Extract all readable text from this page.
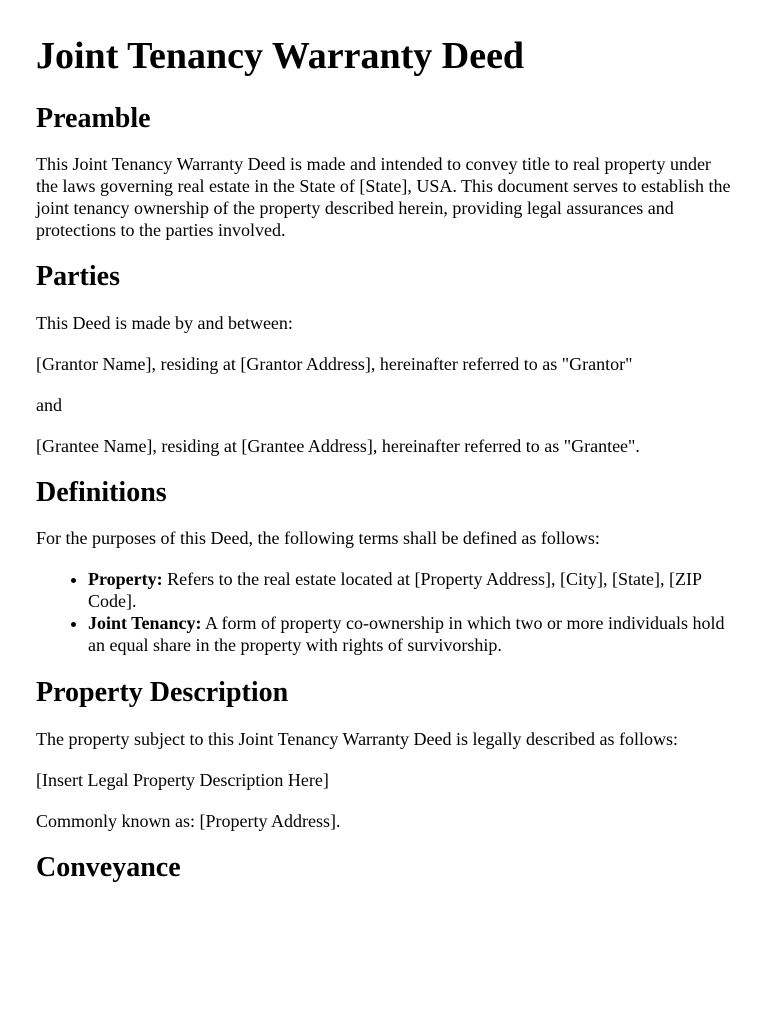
Joint Tenancy Warranty Deed
Preamble

This Joint Tenancy Warranty Deed is made and intended to convey title to real property under the laws governing real estate in the State of [State], USA. This document serves to establish the joint tenancy ownership of the property described herein, providing legal assurances and protections to the parties involved.

Parties

This Deed is made by and between:

[Grantor Name], residing at [Grantor Address], hereinafter referred to as "Grantor"

and

[Grantee Name], residing at [Grantee Address], hereinafter referred to as "Grantee".

Definitions

For the purposes of this Deed, the following terms shall be defined as follows:

• Property: Refers to the real estate located at [Property Address], [City], [State], [ZIP Code].
• Joint Tenancy: A form of property co-ownership in which two or more individuals hold an equal share in the property with rights of survivorship.
Property Description

The property subject to this Joint Tenancy Warranty Deed is legally described as follows:

[Insert Legal Property Description Here]

Commonly known as: [Property Address].

Conveyance
